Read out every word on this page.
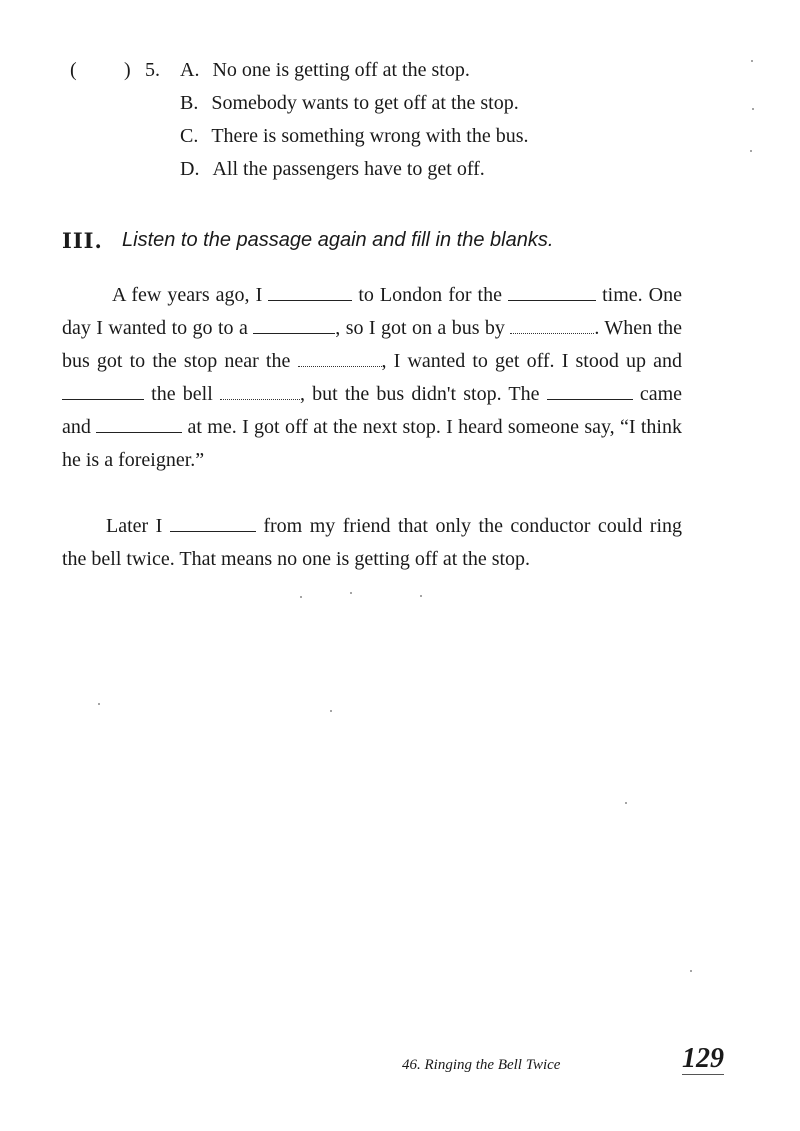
( ) 5. A. No one is getting off at the stop.
B. Somebody wants to get off at the stop.
C. There is something wrong with the bus.
D. All the passengers have to get off.
III. Listen to the passage again and fill in the blanks.
A few years ago, I	to London for the	time. One day I wanted to go to a	, so I got on a bus by	. When the bus got to the stop near the	, I wanted to get off. I stood up and  the bell	, but the bus didn't stop. The	came and	at me. I got off at the next stop. I heard someone say, “I think he is a foreigner.”
Later I	from my friend that only the conductor could ring the bell twice. That means no one is getting off at the stop.
46. Ringing the Bell Twice	129
